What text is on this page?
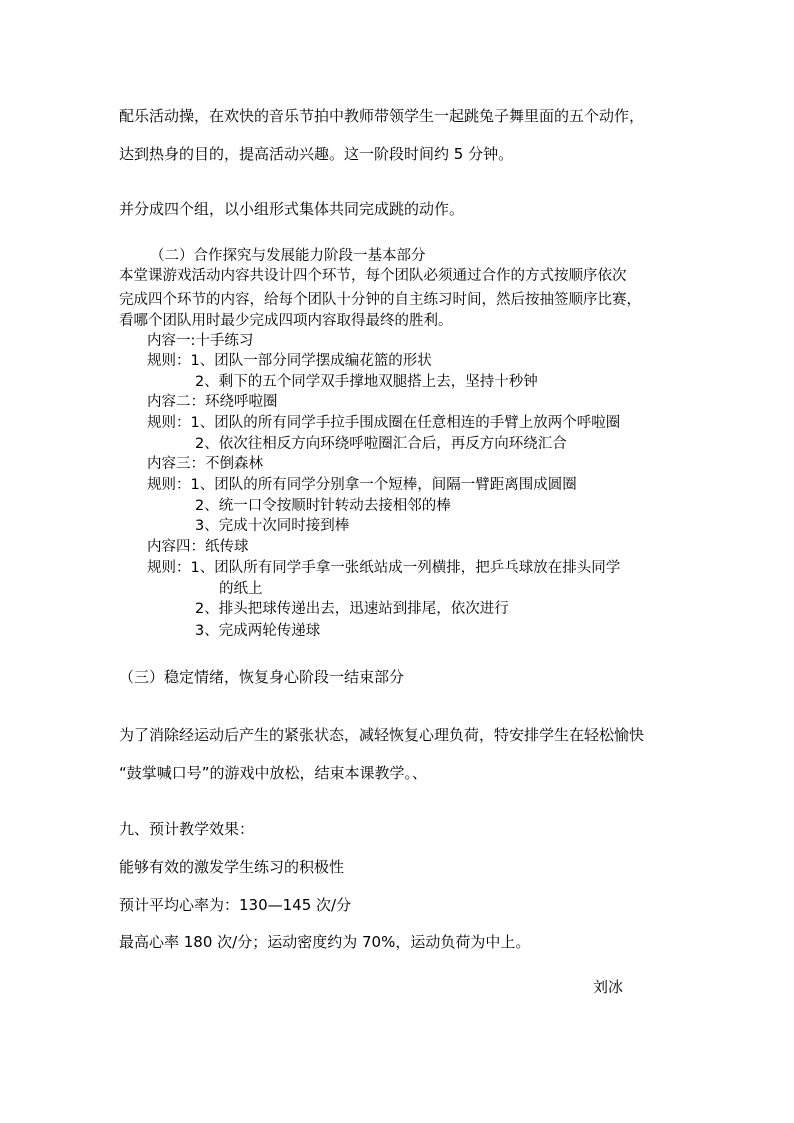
配乐活动操，在欢快的音乐节拍中教师带领学生一起跳兔子舞里面的五个动作，
达到热身的目的，提高活动兴趣。这一阶段时间约 5 分钟。
并分成四个组，以小组形式集体共同完成跳的动作。
（二）合作探究与发展能力阶段一基本部分
本堂课游戏活动内容共设计四个环节，每个团队必须通过合作的方式按顺序依次
完成四个环节的内容，给每个团队十分钟的自主练习时间，然后按抽签顺序比赛，
看哪个团队用时最少完成四项内容取得最终的胜利。
内容一:十手练习
规则：1、团队一部分同学摆成编花篮的形状
2、剩下的五个同学双手撑地双腿搭上去，坚持十秒钟
内容二：环绕呼啦圈
规则：1、团队的所有同学手拉手围成圈在任意相连的手臂上放两个呼啦圈
2、依次往相反方向环绕呼啦圈汇合后，再反方向环绕汇合
内容三：不倒森林
规则：1、团队的所有同学分别拿一个短棒，间隔一臂距离围成圆圈
2、统一口令按顺时针转动去接相邻的棒
3、完成十次同时接到棒
内容四：纸传球
规则：1、团队所有同学手拿一张纸站成一列横排，把乒乓球放在排头同学
的纸上
2、排头把球传递出去，迅速站到排尾，依次进行
3、完成两轮传递球
（三）稳定情绪，恢复身心阶段一结束部分
为了消除经运动后产生的紧张状态，减轻恢复心理负荷，特安排学生在轻松愉快
“鼓掌喊口号”的游戏中放松，结束本课教学。、
九、预计教学效果：
能够有效的激发学生练习的积极性
预计平均心率为：130—145 次/分
最高心率 180 次/分；运动密度约为 70%，运动负荷为中上。
刘冰
